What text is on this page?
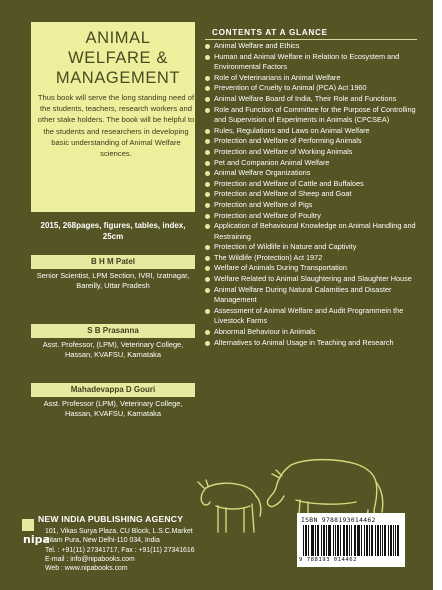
ANIMAL
WELFARE &
MANAGEMENT
Thus book will serve the long standing need of the students, teachers, research workers and other stake holders. The book will be helpful to the students and researchers in developing basic understanding of Animal Welfare sciences.
2015, 268pages, figures, tables, index, 25cm
B H M Patel
Senior Scientist, LPM Section, IVRI, Izatnagar, Bareilly, Uttar Pradesh
S B Prasanna
Asst. Professor, (LPM), Veterinary College, Hassan, KVAFSU, Karnataka
Mahadevappa D Gouri
Asst. Professor (LPM), Veterinary College, Hassan, KVAFSU, Karnataka
CONTENTS AT A GLANCE
Animal Welfare and Ethics
Human and Animal Welfare in Relation to Ecosystem and Environmental Factors
Role of Veterinarians in Animal Welfare
Prevention of Cruelty to Animal (PCA) Act 1960
Animal Welfare Board of India, Their Role and Functions
Role and Function of Committee for the Purpose of Controlling and Supervision of Experiments in Animals (CPCSEA)
Rules, Regulations and Laws on Animal Welfare
Protection and Welfare of Performing Animals
Protection and Welfare of Working Animals
Pet and Companion Animal Welfare
Animal Welfare Organizations
Protection and Welfare of Cattle and Buffaloes
Protection and Welfare of Sheep and Goat
Protection and Welfare of Pigs
Protection and Welfare of Poultry
Application of Behavioural Knowledge on Animal Handling and Restraining
Protection of Wildlife in Nature and Captivity
The Wildlife (Protection) Act 1972
Welfare of Animals During Transportation
Welfare Related to Animal Slaughtering and Slaughter House
Animal Welfare During Natural Calamities and Disaster Management
Assessment of Animal Welfare and Audit Programmein the Livestock Farms
Abnormal Behaviour in Animals
Alternatives to Animal Usage in Teaching and Research
nipa
NEW INDIA PUBLISHING AGENCY
101, Vikas Surya Plaza, CU Block, L.S.C.Market
Pitam Pura, New Delhi-110 034, India
Tel. : +91(11) 27341717, Fax : +91(11) 27341616
E-mail : info@nipabooks.com
Web : www.nipabooks.com
ISBN 9788193014462
9 788193 014462
